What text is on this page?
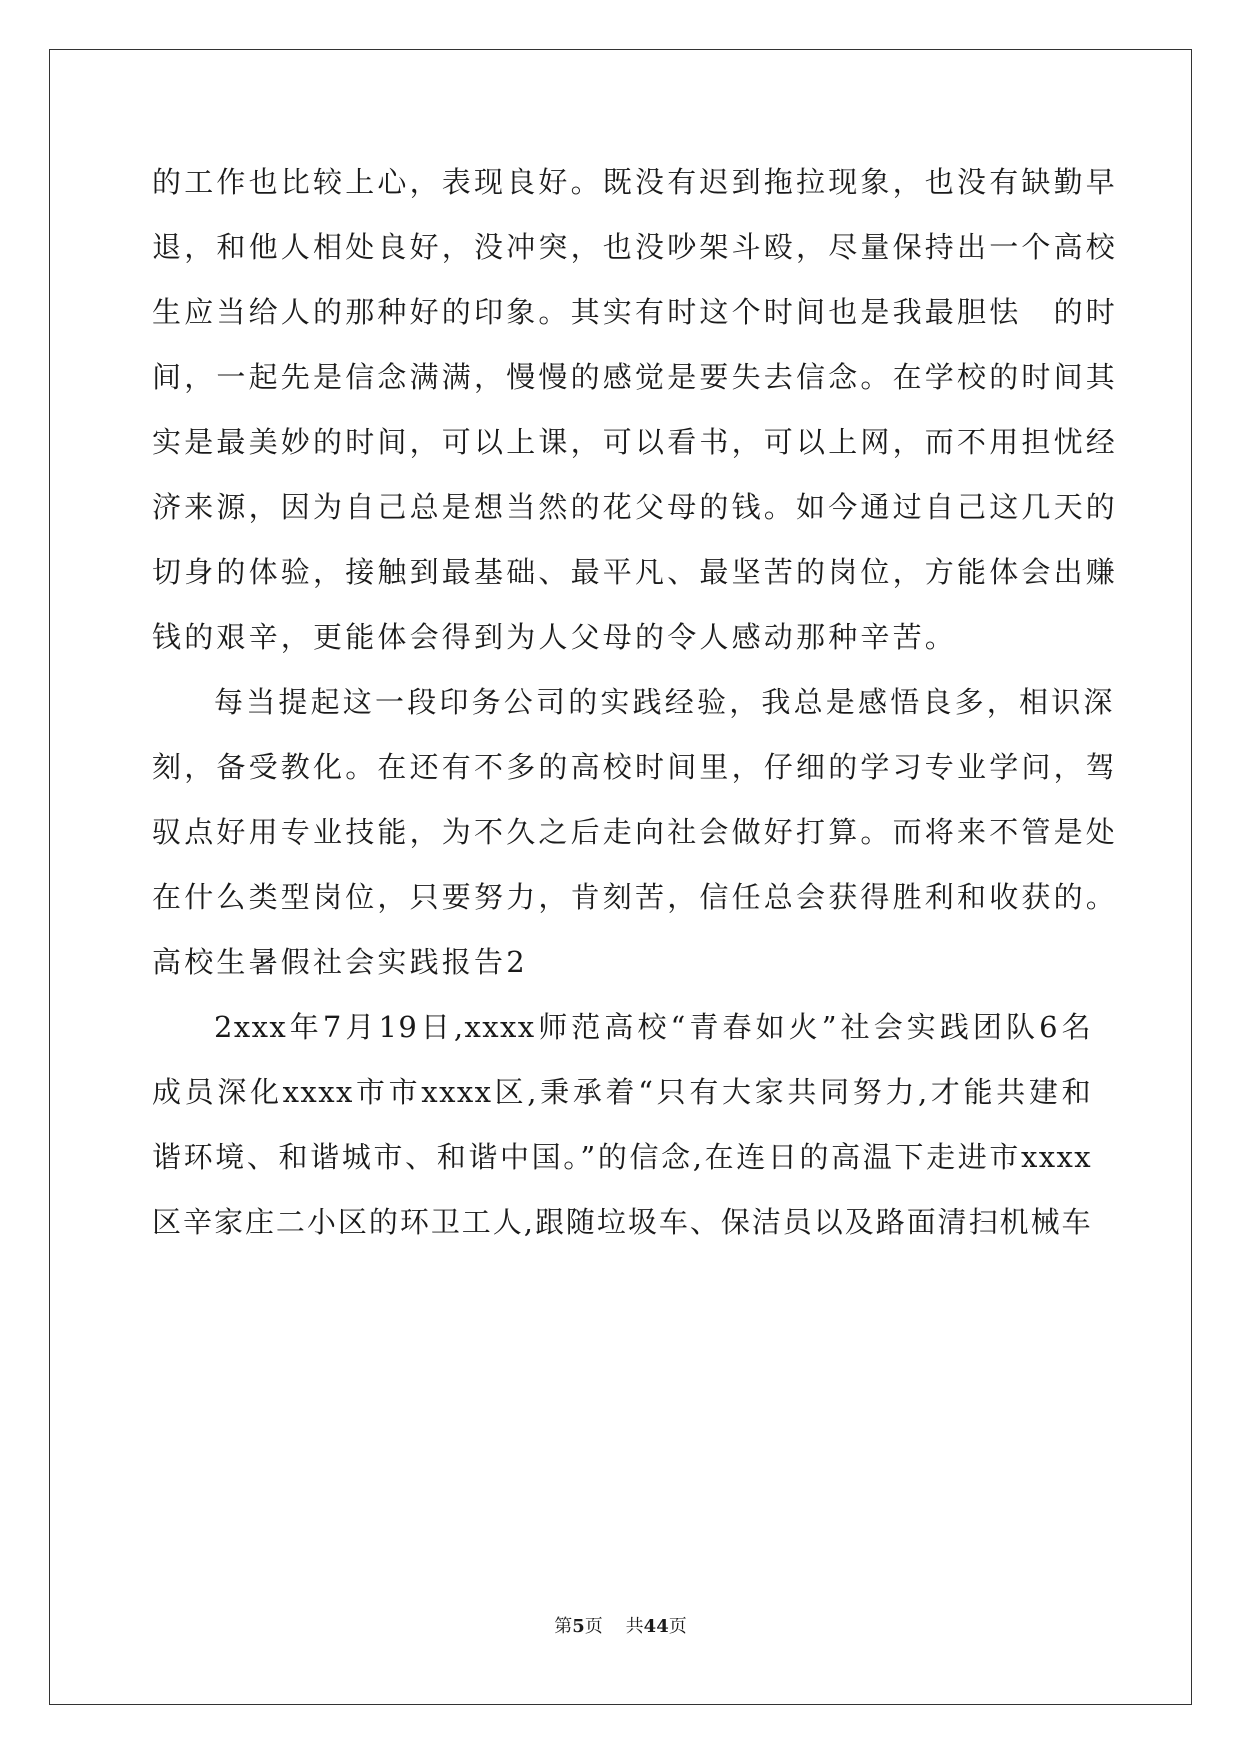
的工作也比较上心，表现良好。既没有迟到拖拉现象，也没有缺勤早
退，和他人相处良好，没冲突，也没吵架斗殴，尽量保持出一个高校
生应当给人的那种好的印象。其实有时这个时间也是我最胆怯　的时
间，一起先是信念满满，慢慢的感觉是要失去信念。在学校的时间其
实是最美妙的时间，可以上课，可以看书，可以上网，而不用担忧经
济来源，因为自己总是想当然的花父母的钱。如今通过自己这几天的
切身的体验，接触到最基础、最平凡、最坚苦的岗位，方能体会出赚
钱的艰辛，更能体会得到为人父母的令人感动那种辛苦。
每当提起这一段印务公司的实践经验，我总是感悟良多，相识深
刻，备受教化。在还有不多的高校时间里，仔细的学习专业学问，驾
驭点好用专业技能，为不久之后走向社会做好打算。而将来不管是处
在什么类型岗位，只要努力，肯刻苦，信任总会获得胜利和收获的。
高校生暑假社会实践报告2
2xxx年7月19日,xxxx师范高校“青春如火”社会实践团队6名
成员深化xxxx市市xxxx区,秉承着“只有大家共同努力,才能共建和
谐环境、和谐城市、和谐中国。”的信念,在连日的高温下走进市xxxx
区辛家庄二小区的环卫工人,跟随垃圾车、保洁员以及路面清扫机械车
第5页 共44页
